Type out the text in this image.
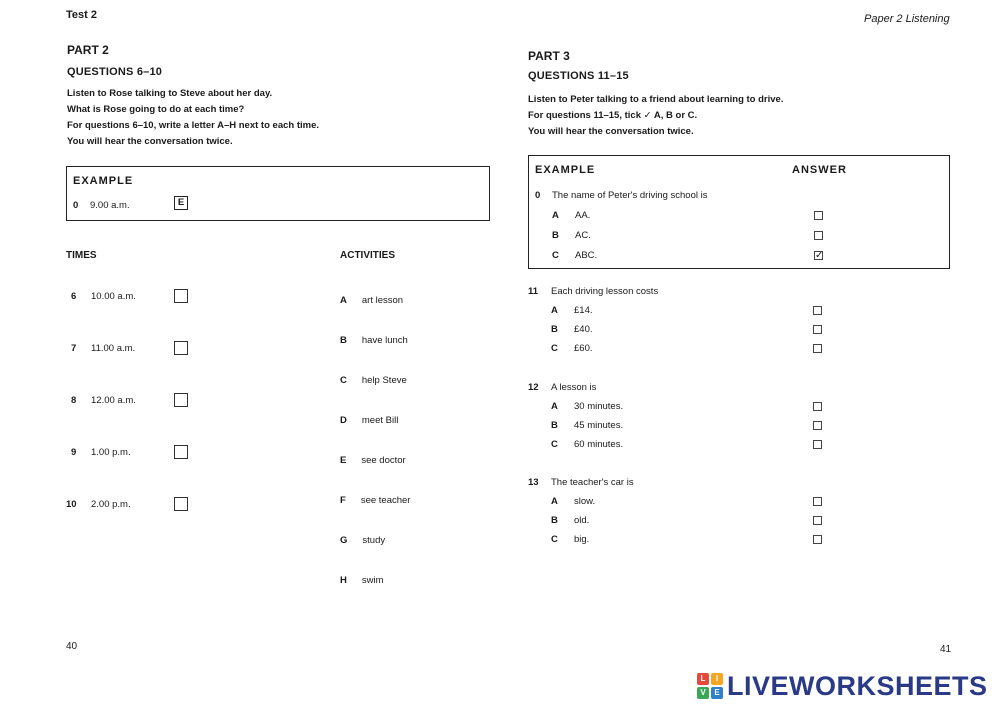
Test 2	Paper 2 Listening
PART 2
QUESTIONS 6–10
Listen to Rose talking to Steve about her day.
What is Rose going to do at each time?
For questions 6–10, write a letter A–H next to each time.
You will hear the conversation twice.
EXAMPLE
0 9.00 a.m.	E
TIMES	ACTIVITIES
6 10.00 a.m.
7 11.00 a.m.
8 12.00 a.m.
9 1.00 p.m.
10 2.00 p.m.
A art lesson
B have lunch
C help Steve
D meet Bill
E see doctor
F see teacher
G study
H swim
40
PART 3
QUESTIONS 11–15
Listen to Peter talking to a friend about learning to drive.
For questions 11–15, tick ✓ A, B or C.
You will hear the conversation twice.
EXAMPLE	ANSWER
0 The name of Peter's driving school is
A AA.
B AC.
C ABC.	✓
11 Each driving lesson costs
A £14.
B £40.
C £60.
12 A lesson is
A 30 minutes.
B 45 minutes.
C 60 minutes.
13 The teacher's car is
A slow.
B old.
C big.
41
L	I
V	E LIVEWORKSHEETS
